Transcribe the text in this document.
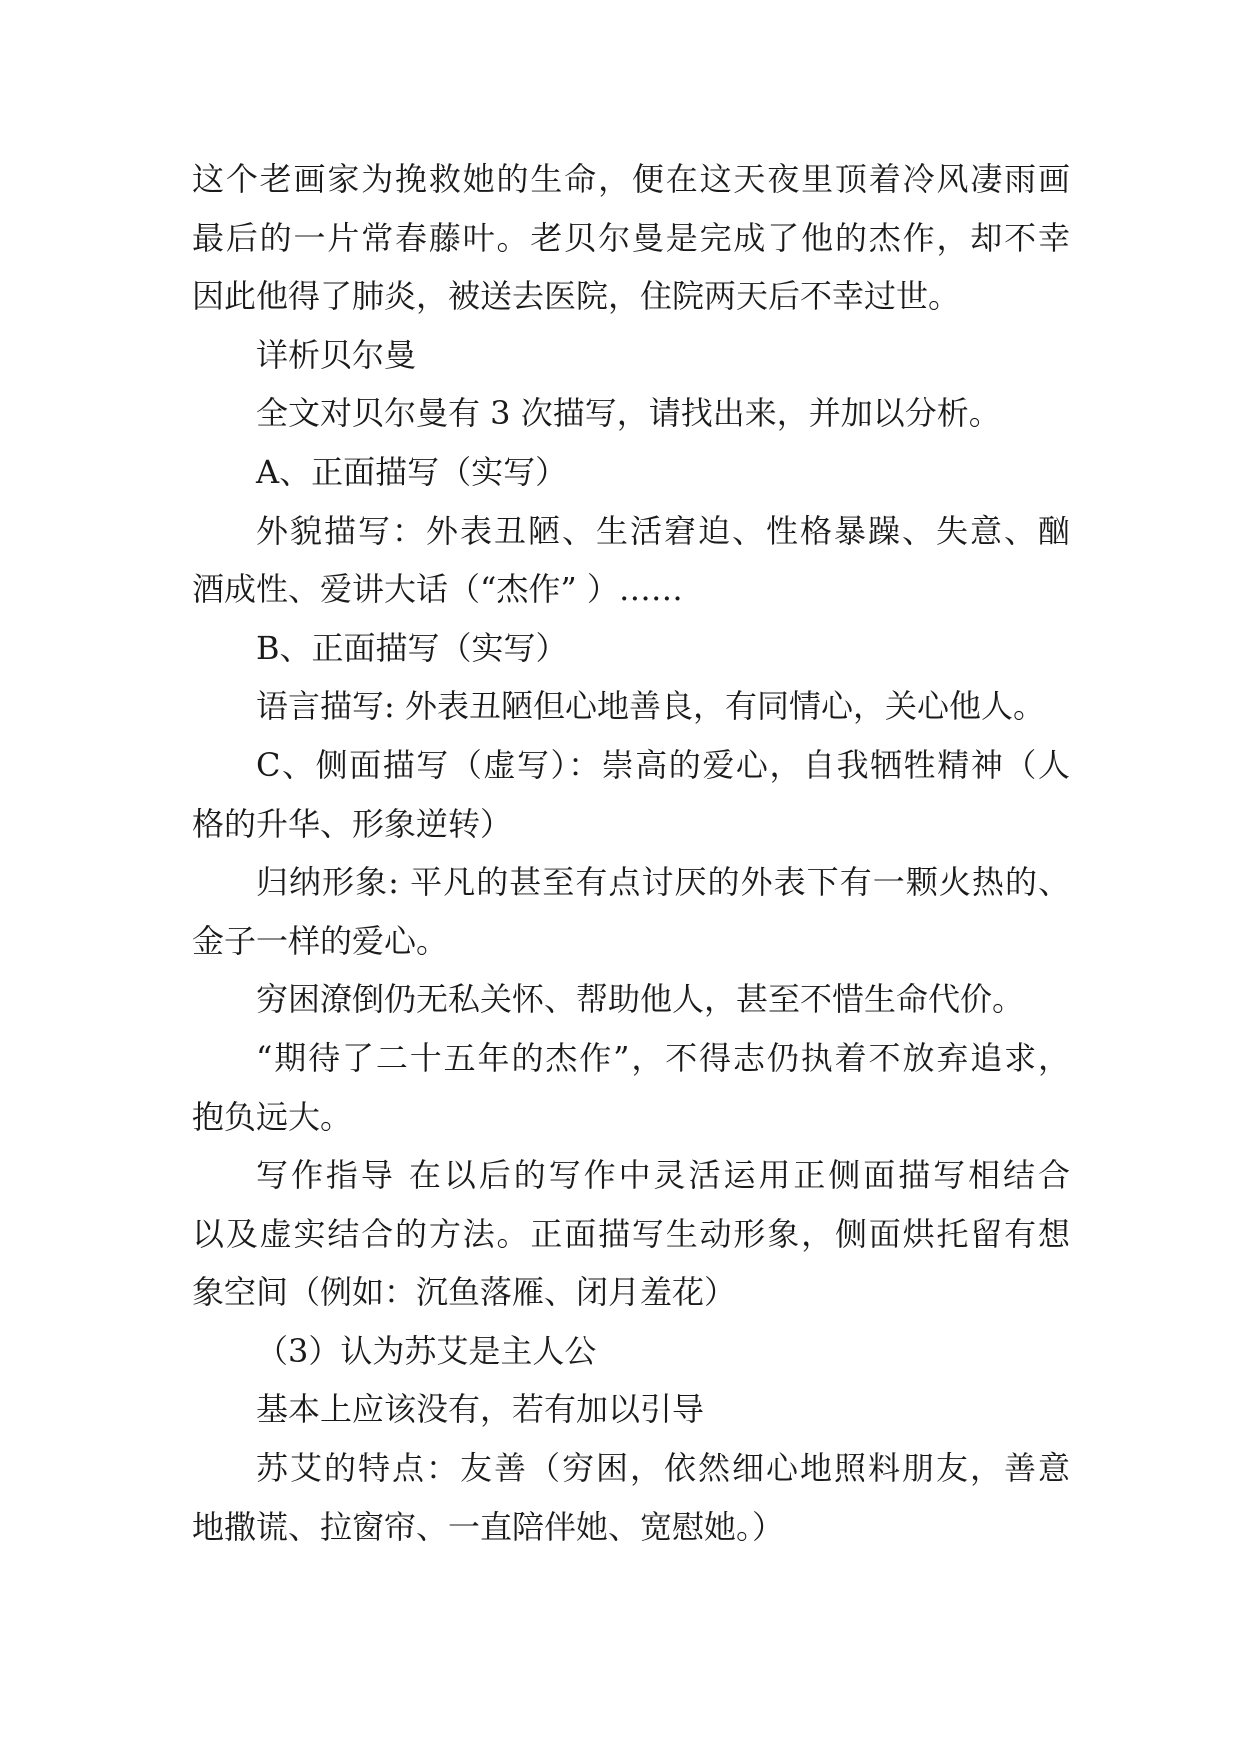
这个老画家为挽救她的生命，便在这天夜里顶着冷风凄雨画
最后的一片常春藤叶。老贝尔曼是完成了他的杰作，却不幸
因此他得了肺炎，被送去医院，住院两天后不幸过世。
详析贝尔曼
全文对贝尔曼有 3 次描写，请找出来，并加以分析。
A、正面描写（实写）
外貌描写：外表丑陋、生活窘迫、性格暴躁、失意、酗
酒成性、爱讲大话（“杰作” ）……
B、正面描写（实写）
语言描写: 外表丑陋但心地善良，有同情心，关心他人。
C、侧面描写（虚写）：崇高的爱心，自我牺牲精神（人
格的升华、形象逆转）
归纳形象: 平凡的甚至有点讨厌的外表下有一颗火热的、
金子一样的爱心。
穷困潦倒仍无私关怀、帮助他人，甚至不惜生命代价。
“期待了二十五年的杰作”，不得志仍执着不放弃追求，
抱负远大。
写作指导 在以后的写作中灵活运用正侧面描写相结合
以及虚实结合的方法。正面描写生动形象，侧面烘托留有想
象空间（例如：沉鱼落雁、闭月羞花）
（3）认为苏艾是主人公
基本上应该没有，若有加以引导
苏艾的特点：友善（穷困，依然细心地照料朋友，善意
地撒谎、拉窗帘、一直陪伴她、宽慰她。）
